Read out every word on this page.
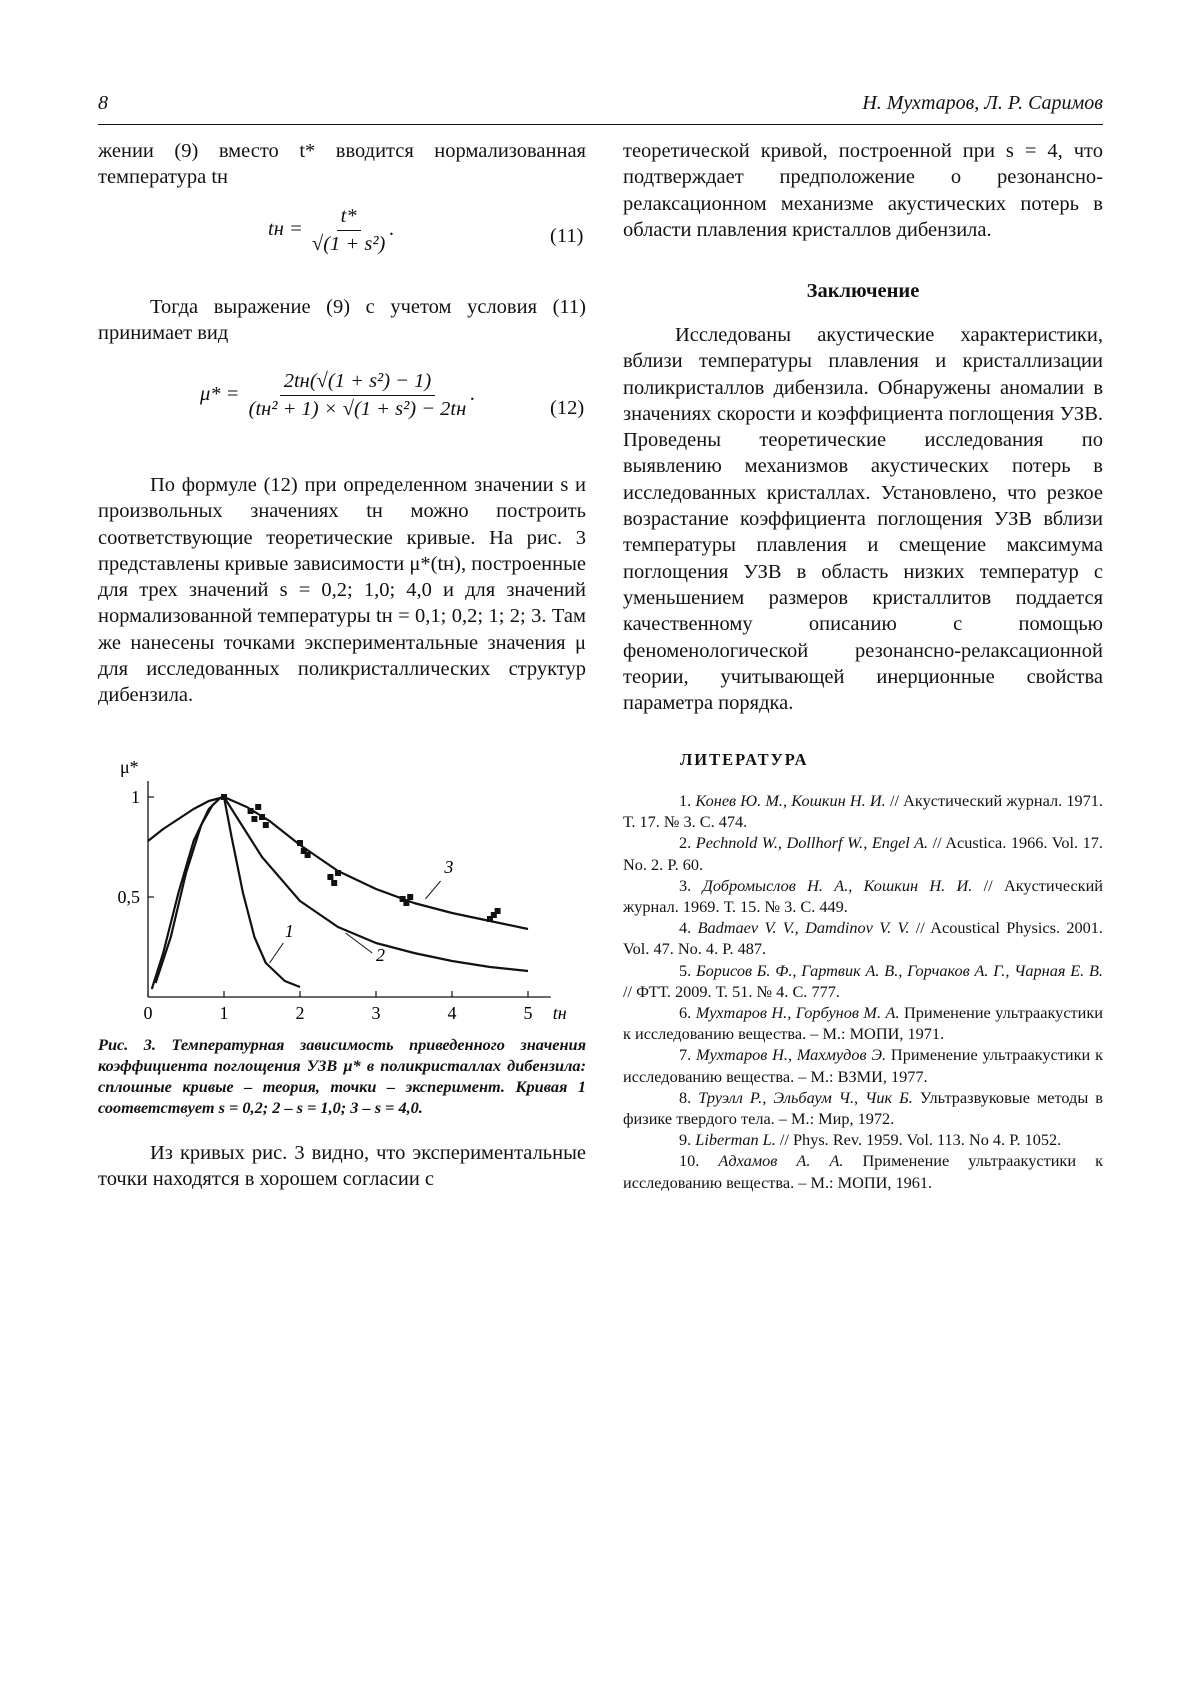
8	Н. Мухтаров, Л. Р. Саримов

жении (9) вместо t* вводится нормализованная температура tн

tн = $\frac{t*}{\text{√(1 + s²)}}$ .	(11)

Тогда выражение (9) с учетом условия (11) принимает вид

$\mu* = \frac{\text{2tн(√(1 + s²) − 1)}}{\text{(tн² + 1) × √(1 + s²) − 2tн}}$ .
(12)

По формуле (12) при определенном значении s и произвольных значениях tн можно построить соответствующие теоретические кривые. На рис. 3 представлены кривые зависимости μ*(tн), построенные для трех значений s = 0,2; 1,0; 4,0 и для значений нормализованной температуры tн = 0,1; 0,2; 1; 2; 3. Там же нанесены точками экспериментальные значения μ для исследованных поликристаллических структур дибензила.

0	1	2	3	4	5 tн
1
0,5
μ*
1
2
3
Рис. 3. Температурная зависимость приведенного значения коэффициента поглощения УЗВ μ* в поликристаллах дибензила: сплошные кривые – теория, точки – эксперимент. Кривая 1 соответствует s = 0,2; 2 – s = 1,0; 3 – s = 4,0.

Из кривых рис. 3 видно, что экспериментальные точки находятся в хорошем согласии с

теоретической кривой, построенной при s = 4, что подтверждает предположение о резонансно-релаксационном механизме акустических потерь в области плавления кристаллов дибензила.

Заключение

Исследованы акустические характеристики, вблизи температуры плавления и кристаллизации поликристаллов дибензила. Обнаружены аномалии в значениях скорости и коэффициента поглощения УЗВ. Проведены теоретические исследования по выявлению механизмов акустических потерь в исследованных кристаллах. Установлено, что резкое возрастание коэффициента поглощения УЗВ вблизи температуры плавления и смещение максимума поглощения УЗВ в область низких температур с уменьшением размеров кристаллитов поддается качественному описанию с помощью феноменологической резонансно-релаксационной теории, учитывающей инерционные свойства параметра порядка.

ЛИТЕРАТУРА

1. Конев Ю. М., Кошкин Н. И. // Акустический журнал. 1971. Т. 17. № 3. С. 474.

2. Pechnold W., Dollhorf W., Engel A. // Acustica. 1966. Vol. 17. No. 2. P. 60.

3. Добромыслов Н. А., Кошкин Н. И. // Акустический журнал. 1969. Т. 15. № 3. С. 449.

4. Badmaev V. V., Damdinov V. V. // Acoustical Physics. 2001. Vol. 47. No. 4. P. 487.

5. Борисов Б. Ф., Гартвик А. В., Горчаков А. Г., Чарная Е. В. // ФТТ. 2009. Т. 51. № 4. С. 777.

6. Мухтаров Н., Горбунов М. А. Применение ультраакустики к исследованию вещества. – М.: МОПИ, 1971.

7. Мухтаров Н., Махмудов Э. Применение ультраакустики к исследованию вещества. – М.: ВЗМИ, 1977.

8. Труэлл Р., Эльбаум Ч., Чик Б. Ультразвуковые методы в физике твердого тела. – М.: Мир, 1972.

9. Liberman L. // Phys. Rev. 1959. Vol. 113. No 4. P. 1052.

10. Адхамов А. А. Применение ультраакустики к исследованию вещества. – М.: МОПИ, 1961.
